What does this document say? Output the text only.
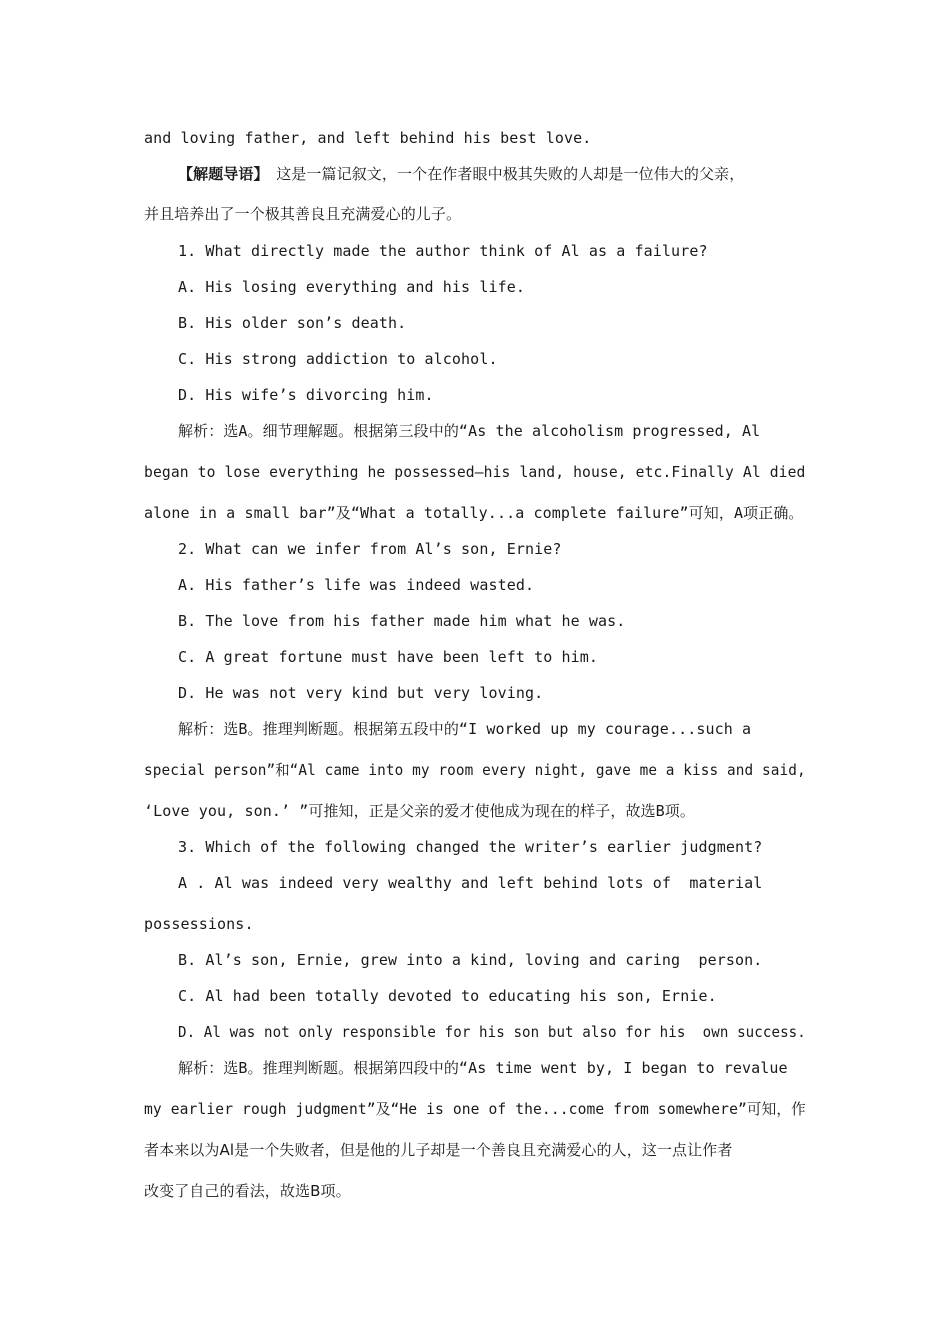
and loving father, and left behind his best love.
【解题导语】　这是一篇记叙文，一个在作者眼中极其失败的人却是一位伟大的父亲，
并且培养出了一个极其善良且充满爱心的儿子。
1. What directly made the author think of Al as a failure?
A. His losing everything and his life.
B. His older son’s death.
C. His strong addiction to alcohol.
D. His wife’s divorcing him.
解析：选A。细节理解题。根据第三段中的“As the alcoholism progressed, Al
began to lose everything he possessed—his land, house, etc.Finally Al died
alone in a small bar”及“What a totally...a complete failure”可知，A项正确。
2. What can we infer from Al’s son, Ernie?
A. His father’s life was indeed wasted.
B. The love from his father made him what he was.
C. A great fortune must have been left to him.
D. He was not very kind but very loving.
解析：选B。推理判断题。根据第五段中的“I worked up my courage...such a
special person”和“Al came into my room every night, gave me a kiss and said,
‘Love you, son.’ ”可推知，正是父亲的爱才使他成为现在的样子，故选B项。
3. Which of the following changed the writer’s earlier judgment?
A . Al was indeed very wealthy and left behind lots of  material
possessions.
B. Al’s son, Ernie, grew into a kind, loving and caring  person.
C. Al had been totally devoted to educating his son, Ernie.
D. Al was not only responsible for his son but also for his  own success.
解析：选B。推理判断题。根据第四段中的“As time went by, I began to revalue
my earlier rough judgment”及“He is one of the...come from somewhere”可知，作
者本来以为Al是一个失败者，但是他的儿子却是一个善良且充满爱心的人，这一点让作者
改变了自己的看法，故选B项。
